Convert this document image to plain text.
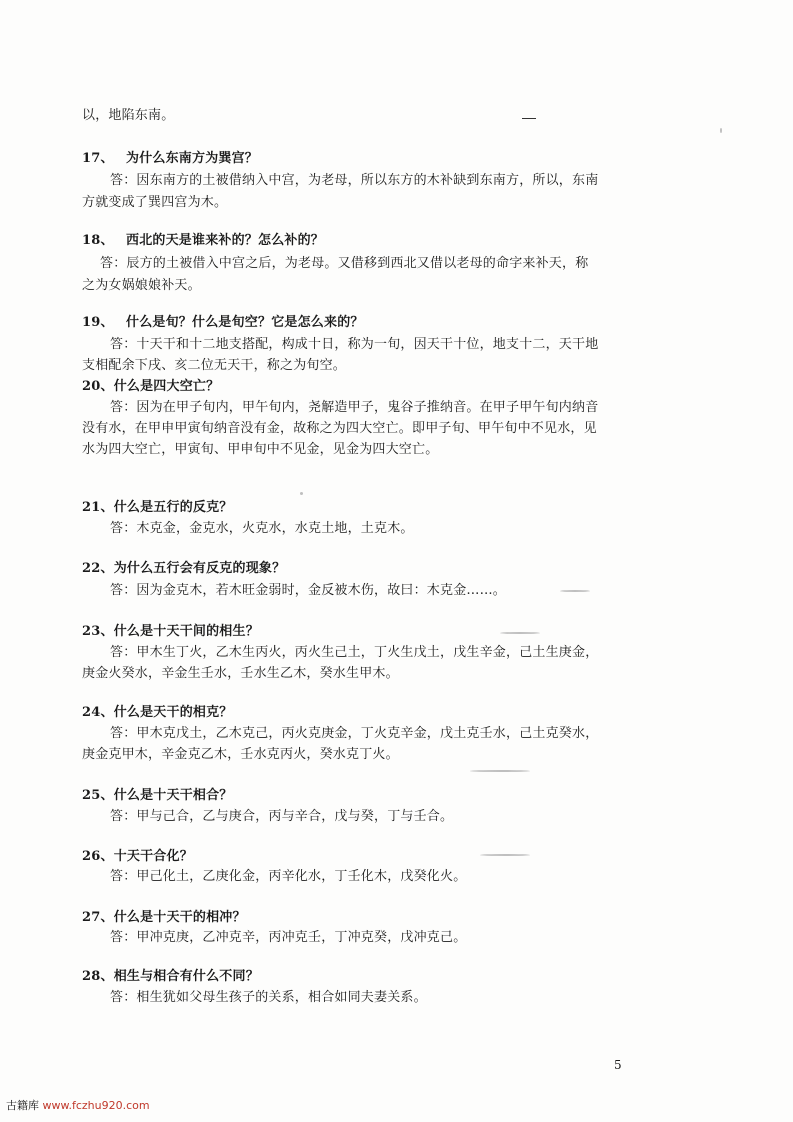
以，地陷东南。
17、 为什么东南方为巽宫？
答：因东南方的土被借纳入中宫，为老母，所以东方的木补缺到东南方，所以，东南
方就变成了巽四宫为木。
18、 西北的天是谁来补的？怎么补的？
答：辰方的土被借入中宫之后，为老母。又借移到西北又借以老母的命字来补天，称
之为女娲娘娘补天。
19、 什么是旬？什么是旬空？它是怎么来的？
答：十天干和十二地支搭配，构成十日，称为一旬，因天干十位，地支十二，天干地
支相配余下戌、亥二位无天干，称之为旬空。
20、什么是四大空亡？
答：因为在甲子旬内，甲午旬内，尧解造甲子，鬼谷子推纳音。在甲子甲午旬内纳音
没有水，在甲申甲寅旬纳音没有金，故称之为四大空亡。即甲子旬、甲午旬中不见水，见
水为四大空亡，甲寅旬、甲申旬中不见金，见金为四大空亡。
21、什么是五行的反克？
答：木克金，金克水，火克水，水克土地，土克木。
22、为什么五行会有反克的现象？
答：因为金克木，若木旺金弱时，金反被木伤，故曰：木克金……。
23、什么是十天干间的相生？
答：甲木生丁火，乙木生丙火，丙火生己土，丁火生戊土，戊生辛金，己土生庚金，
庚金火癸水，辛金生壬水，壬水生乙木，癸水生甲木。
24、什么是天干的相克？
答：甲木克戊土，乙木克己，丙火克庚金，丁火克辛金，戊土克壬水，己土克癸水，
庚金克甲木，辛金克乙木，壬水克丙火，癸水克丁火。
25、什么是十天干相合？
答：甲与己合，乙与庚合，丙与辛合，戊与癸，丁与壬合。
26、十天干合化？
答：甲己化土，乙庚化金，丙辛化水，丁壬化木，戊癸化火。
27、什么是十天干的相冲？
答：甲冲克庚，乙冲克辛，丙冲克壬，丁冲克癸，戊冲克己。
28、相生与相合有什么不同？
答：相生犹如父母生孩子的关系，相合如同夫妻关系。
5
古籍库 www.fczhu920.com
